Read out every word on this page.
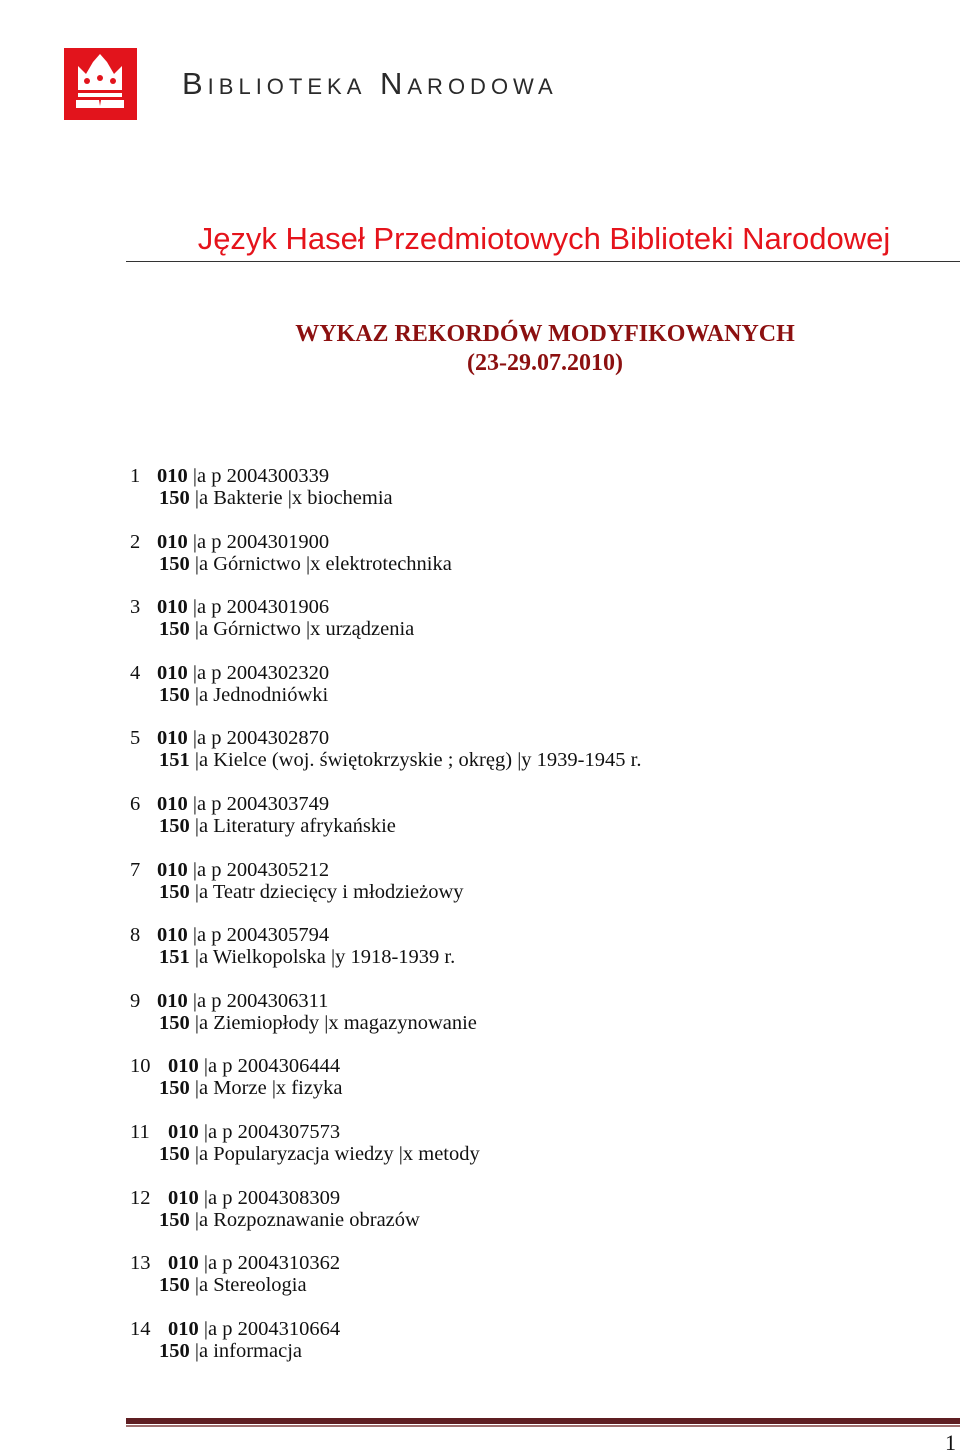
Biblioteka Narodowa
Język Haseł Przedmiotowych Biblioteki Narodowej
WYKAZ REKORDÓW MODYFIKOWANYCH
(23-29.07.2010)
1 010 |a p 2004300339
150 |a Bakterie |x biochemia
2 010 |a p 2004301900
150 |a Górnictwo |x elektrotechnika
3 010 |a p 2004301906
150 |a Górnictwo |x urządzenia
4 010 |a p 2004302320
150 |a Jednodniówki
5 010 |a p 2004302870
151 |a Kielce (woj. świętokrzyskie ; okręg) |y 1939-1945 r.
6 010 |a p 2004303749
150 |a Literatury afrykańskie
7 010 |a p 2004305212
150 |a Teatr dziecięcy i młodzieżowy
8 010 |a p 2004305794
151 |a Wielkopolska |y 1918-1939 r.
9 010 |a p 2004306311
150 |a Ziemiopłody |x magazynowanie
10 010 |a p 2004306444
150 |a Morze |x fizyka
11 010 |a p 2004307573
150 |a Popularyzacja wiedzy |x metody
12 010 |a p 2004308309
150 |a Rozpoznawanie obrazów
13 010 |a p 2004310362
150 |a Stereologia
14 010 |a p 2004310664
150 |a informacja
1
